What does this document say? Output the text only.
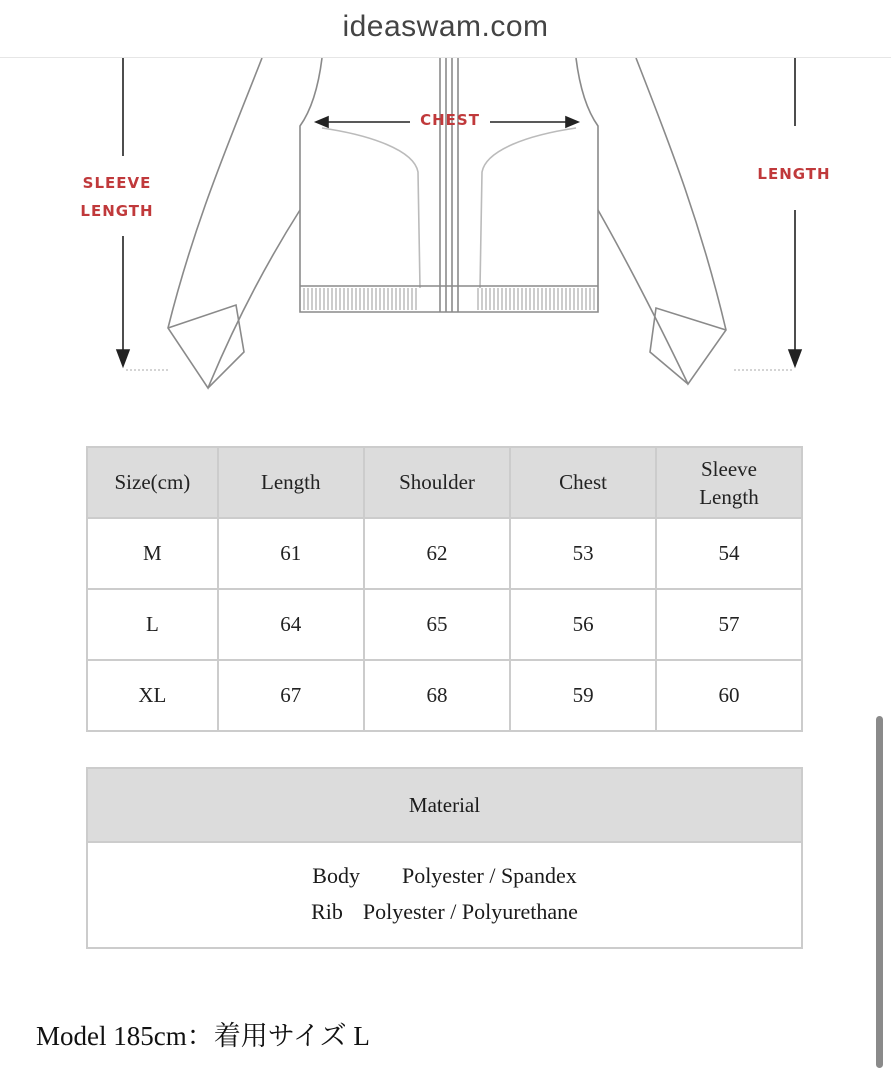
ideaswam.com
CHEST
SLEEVE
LENGTH
LENGTH
Size(cm)	Length	Shoulder	Chest	Sleeve
Length
M	61	62	53	54
L	64	65	56	57
XL	67	68	59	60
Material
Body Polyester / Spandex
Rib Polyester / Polyurethane
Model 185cm：着用サイズ L
